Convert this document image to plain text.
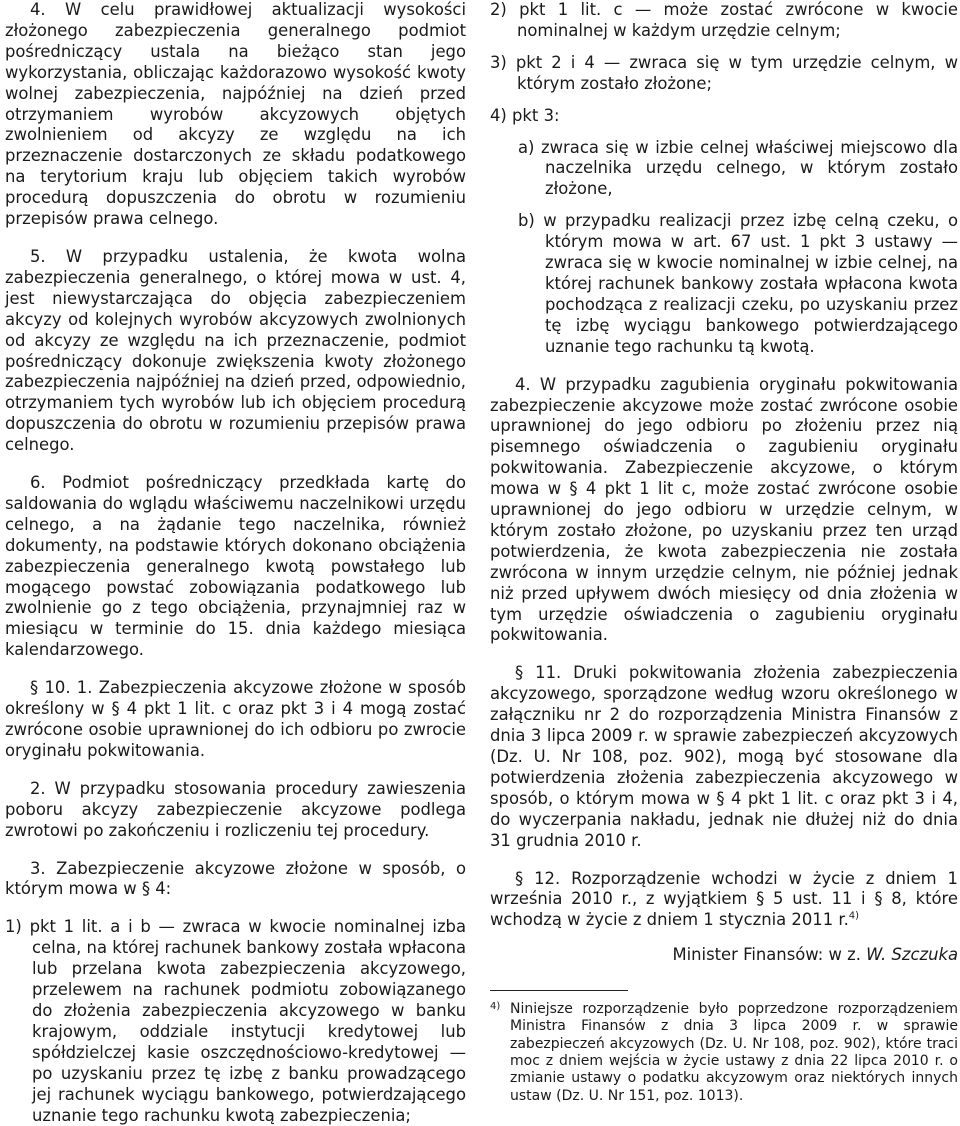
4. W celu prawidłowej aktualizacji wysokości złożonego zabezpieczenia generalnego podmiot pośredniczący ustala na bieżąco stan jego wykorzystania, obliczając każdorazowo wysokość kwoty wolnej zabezpieczenia, najpóźniej na dzień przed otrzymaniem wyrobów akcyzowych objętych zwolnieniem od akcyzy ze względu na ich przeznaczenie dostarczonych ze składu podatkowego na terytorium kraju lub objęciem takich wyrobów procedurą dopuszczenia do obrotu w rozumieniu przepisów prawa celnego.

5. W przypadku ustalenia, że kwota wolna zabezpieczenia generalnego, o której mowa w ust. 4, jest niewystarczająca do objęcia zabezpieczeniem akcyzy od kolejnych wyrobów akcyzowych zwolnionych od akcyzy ze względu na ich przeznaczenie, podmiot pośredniczący dokonuje zwiększenia kwoty złożonego zabezpieczenia najpóźniej na dzień przed, odpowiednio, otrzymaniem tych wyrobów lub ich objęciem procedurą dopuszczenia do obrotu w rozumieniu przepisów prawa celnego.

6. Podmiot pośredniczący przedkłada kartę do saldowania do wglądu właściwemu naczelnikowi urzędu celnego, a na żądanie tego naczelnika, również dokumenty, na podstawie których dokonano obciążenia zabezpieczenia generalnego kwotą powstałego lub mogącego powstać zobowiązania podatkowego lub zwolnienie go z tego obciążenia, przynajmniej raz w miesiącu w terminie do 15. dnia każdego miesiąca kalendarzowego.

§ 10. 1. Zabezpieczenia akcyzowe złożone w sposób określony w § 4 pkt 1 lit. c oraz pkt 3 i 4 mogą zostać zwrócone osobie uprawnionej do ich odbioru po zwrocie oryginału pokwitowania.

2. W przypadku stosowania procedury zawieszenia poboru akcyzy zabezpieczenie akcyzowe podlega zwrotowi po zakończeniu i rozliczeniu tej procedury.

3. Zabezpieczenie akcyzowe złożone w sposób, o którym mowa w § 4:

1) pkt 1 lit. a i b — zwraca w kwocie nominalnej izba celna, na której rachunek bankowy została wpłacona lub przelana kwota zabezpieczenia akcyzowego, przelewem na rachunek podmiotu zobowiązanego do złożenia zabezpieczenia akcyzowego w banku krajowym, oddziale instytucji kredytowej lub spółdzielczej kasie oszczędnościowo-kredytowej — po uzyskaniu przez tę izbę z banku prowadzącego jej rachunek wyciągu bankowego, potwierdzającego uznanie tego rachunku kwotą zabezpieczenia;

2) pkt 1 lit. c — może zostać zwrócone w kwocie nominalnej w każdym urzędzie celnym;

3) pkt 2 i 4 — zwraca się w tym urzędzie celnym, w którym zostało złożone;

4) pkt 3:

a) zwraca się w izbie celnej właściwej miejscowo dla naczelnika urzędu celnego, w którym zostało złożone,

b) w przypadku realizacji przez izbę celną czeku, o którym mowa w art. 67 ust. 1 pkt 3 ustawy — zwraca się w kwocie nominalnej w izbie celnej, na której rachunek bankowy została wpłacona kwota pochodząca z realizacji czeku, po uzyskaniu przez tę izbę wyciągu bankowego potwierdzającego uznanie tego rachunku tą kwotą.

4. W przypadku zagubienia oryginału pokwitowania zabezpieczenie akcyzowe może zostać zwrócone osobie uprawnionej do jego odbioru po złożeniu przez nią pisemnego oświadczenia o zagubieniu oryginału pokwitowania. Zabezpieczenie akcyzowe, o którym mowa w § 4 pkt 1 lit c, może zostać zwrócone osobie uprawnionej do jego odbioru w urzędzie celnym, w którym zostało złożone, po uzyskaniu przez ten urząd potwierdzenia, że kwota zabezpieczenia nie została zwrócona w innym urzędzie celnym, nie później jednak niż przed upływem dwóch miesięcy od dnia złożenia w tym urzędzie oświadczenia o zagubieniu oryginału pokwitowania.

§ 11. Druki pokwitowania złożenia zabezpieczenia akcyzowego, sporządzone według wzoru określonego w załączniku nr 2 do rozporządzenia Ministra Finansów z dnia 3 lipca 2009 r. w sprawie zabezpieczeń akcyzowych (Dz. U. Nr 108, poz. 902), mogą być stosowane dla potwierdzenia złożenia zabezpieczenia akcyzowego w sposób, o którym mowa w § 4 pkt 1 lit. c oraz pkt 3 i 4, do wyczerpania nakładu, jednak nie dłużej niż do dnia 31 grudnia 2010 r.

§ 12. Rozporządzenie wchodzi w życie z dniem 1 września 2010 r., z wyjątkiem § 5 ust. 11 i § 8, które wchodzą w życie z dniem 1 stycznia 2011 r.$^{4)}$

Minister Finansów: w z. W. Szczuka

4) Niniejsze rozporządzenie było poprzedzone rozporządzeniem Ministra Finansów z dnia 3 lipca 2009 r. w sprawie zabezpieczeń akcyzowych (Dz. U. Nr 108, poz. 902), które traci moc z dniem wejścia w życie ustawy z dnia 22 lipca 2010 r. o zmianie ustawy o podatku akcyzowym oraz niektórych innych ustaw (Dz. U. Nr 151, poz. 1013).
